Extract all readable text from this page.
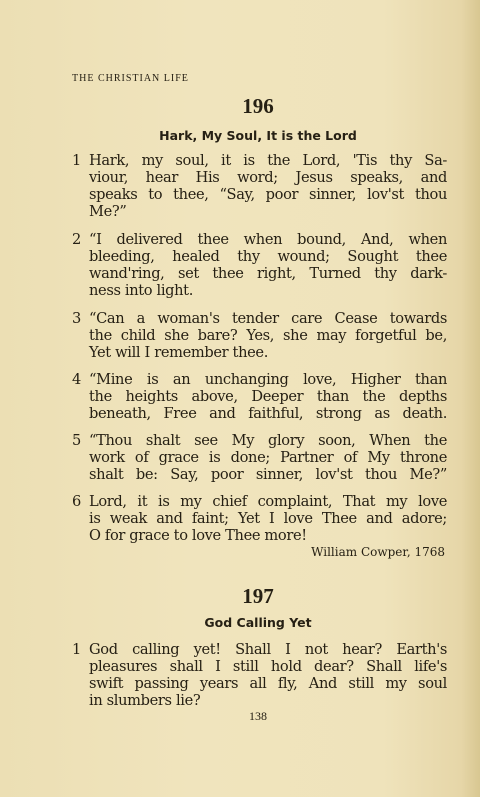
THE CHRISTIAN LIFE
196
Hark, My Soul, It is the Lord
1 Hark, my soul, it is the Lord, 'Tis thy Sa-
viour, hear His word; Jesus speaks, and
speaks to thee, “Say, poor sinner, lov'st thou
Me?”
2 “I delivered thee when bound, And, when
bleeding, healed thy wound; Sought thee
wand'ring, set thee right, Turned thy dark-
ness into light.
3 “Can a woman's tender care Cease towards
the child she bare? Yes, she may forgetful be,
Yet will I remember thee.
4 “Mine is an unchanging love, Higher than
the heights above, Deeper than the depths
beneath, Free and faithful, strong as death.
5 “Thou shalt see My glory soon, When the
work of grace is done; Partner of My throne
shalt be: Say, poor sinner, lov'st thou Me?”
6 Lord, it is my chief complaint, That my love
is weak and faint; Yet I love Thee and adore;
O for grace to love Thee more!
William Cowper, 1768
197
God Calling Yet
1 God calling yet! Shall I not hear? Earth's
pleasures shall I still hold dear? Shall life's
swift passing years all fly, And still my soul
in slumbers lie?
138
